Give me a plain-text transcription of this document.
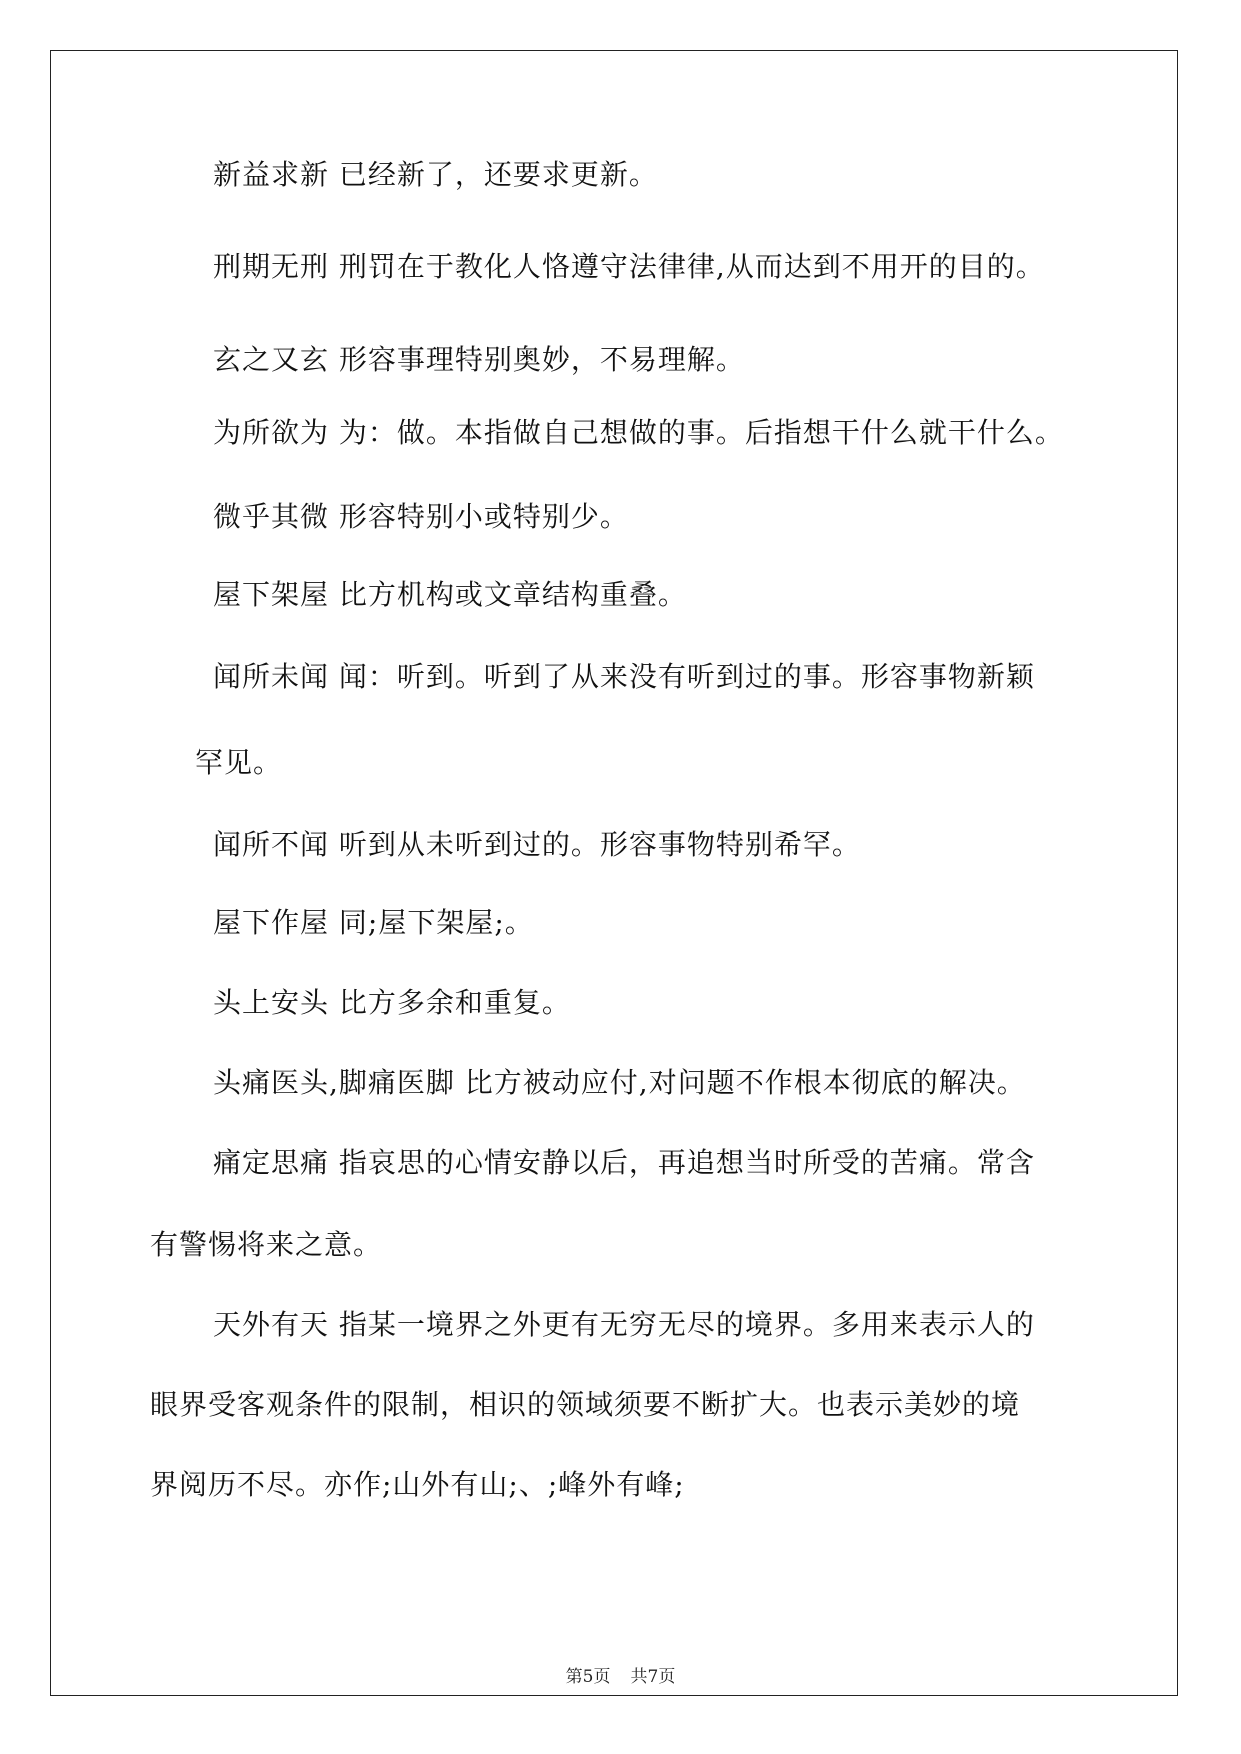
新益求新 已经新了，还要求更新。
刑期无刑 刑罚在于教化人恪遵守法律律,从而达到不用开的目的。
玄之又玄 形容事理特别奥妙，不易理解。
为所欲为 为：做。本指做自己想做的事。后指想干什么就干什么。
微乎其微 形容特别小或特别少。
屋下架屋 比方机构或文章结构重叠。
闻所未闻 闻：听到。听到了从来没有听到过的事。形容事物新颖
罕见。
闻所不闻 听到从未听到过的。形容事物特别希罕。
屋下作屋 同;屋下架屋;。
头上安头 比方多余和重复。
头痛医头,脚痛医脚 比方被动应付,对问题不作根本彻底的解决。
痛定思痛 指哀思的心情安静以后，再追想当时所受的苦痛。常含
有警惕将来之意。
天外有天 指某一境界之外更有无穷无尽的境界。多用来表示人的
眼界受客观条件的限制，相识的领域须要不断扩大。也表示美妙的境
界阅历不尽。亦作;山外有山;、;峰外有峰;
第5页 共7页
